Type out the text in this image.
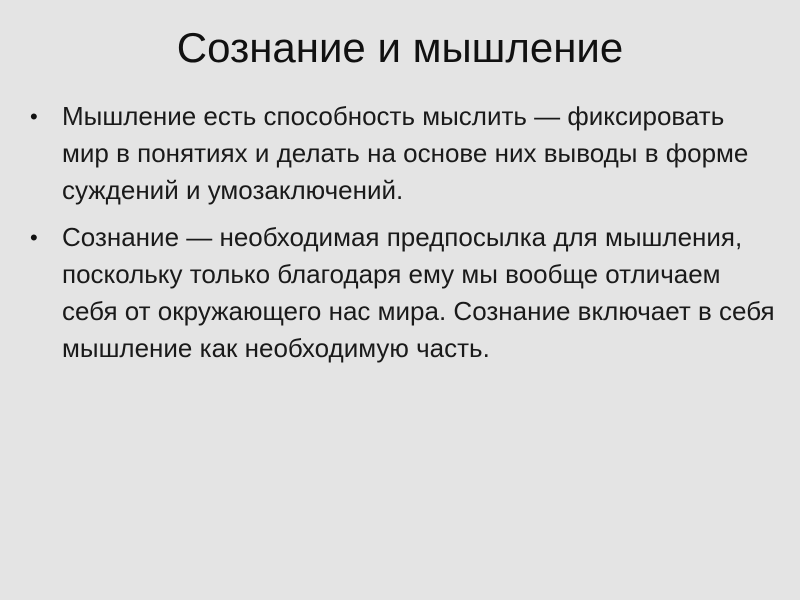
Сознание и мышление
• Мышление есть способность мыслить — фиксировать мир в понятиях и делать на основе них выводы в форме суждений и умозаключений.
• Сознание — необходимая предпосылка для мышления, поскольку только благодаря ему мы вообще отличаем себя от окружающего нас мира. Сознание включает в себя мышление как необходимую часть.
